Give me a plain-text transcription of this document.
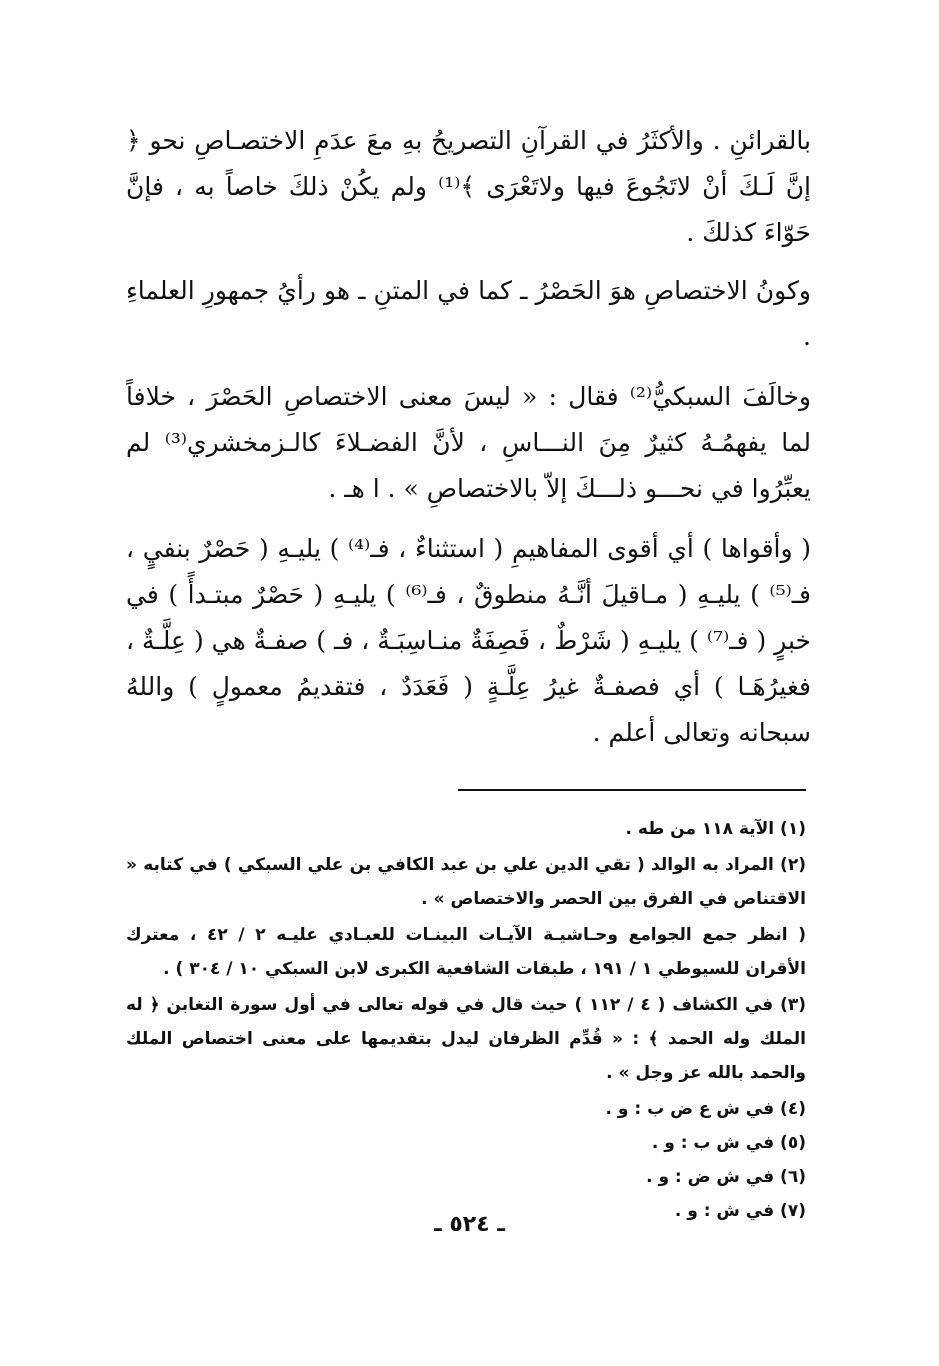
بالقرائنِ . والأكثَرُ في القرآنِ التصريحُ بهِ معَ عدَمِ الاختصـاصِ نحو ﴿ إنَّ لَـكَ أنْ لاتَجُوعَ فيها ولاتَعْرَى ﴾⁽¹⁾ ولم يكُنْ ذلكَ خاصاً به ، فإنَّ حَوّاءَ كذلكَ .

وكونُ الاختصاصِ هوَ الحَصْرُ ـ كما في المتنِ ـ هو رأيُ جمهورِ العلماءِ .

وخالَفَ السبكيُّ⁽²⁾ فقال : « ليسَ معنى الاختصاصِ الحَصْرَ ، خلافاً لما يفهمُـهُ كثيرٌ مِنَ النـــاسِ ، لأنَّ الفضـلاءَ كالـزمخشري⁽³⁾ لم يعبِّرُوا في نحـــو ذلـــكَ إلاّ بالاختصاصِ » . ا هـ .

( وأقواها ) أي أقوى المفاهيمِ ( استثناءٌ ، فـ⁽⁴⁾ ) يليـهِ ( حَصْرٌ بنفيٍ ، فـ⁽⁵⁾ ) يليـهِ ( مـاقيلَ أنَّـهُ منطوقٌ ، فـ⁽⁶⁾ ) يليـهِ ( حَصْرٌ مبتـدأً ) في خبرٍ ( فـ⁽⁷⁾ ) يليـهِ ( شَرْطٌ ، فَصِفَةٌ منـاسِبَـةٌ ، فـ ) صفـةٌ هي ( عِلَّـةٌ ، فغيرُهَـا ) أي فصفـةٌ غيرُ عِلَّـةٍ ( فَعَدَدٌ ، فتقديمُ معمولٍ ) واللهُ سبحانه وتعالى أعلم .

(١) الآية ١١٨ من طه .

(٢) المراد به الوالد ( تقي الدين علي بن عبد الكافي بن علي السبكي ) في كتابه « الاقتناص في الفرق بين الحصر والاختصاص » .

( انظر جمع الجوامع وحـاشيـة الآيـات البينـات للعبـادي عليـه ٢ / ٤٢ ، معترك الأقران للسيوطي ١ / ١٩١ ، طبقات الشافعية الكبرى لابن السبكي ١٠ / ٣٠٤ ) .

(٣) في الكشاف ( ٤ / ١١٢ ) حيث قال في قوله تعالى في أول سورة التغابن ﴿ له الملك وله الحمد ﴾ : « قُدِّم الظرفان ليدل بتقديمها على معنى اختصاص الملك والحمد بالله عز وجل » .

(٤) في ش ع ض ب : و .

(٥) في ش ب : و .

(٦) في ش ض : و .

(٧) في ش : و .

ـ ٥٢٤ ـ
